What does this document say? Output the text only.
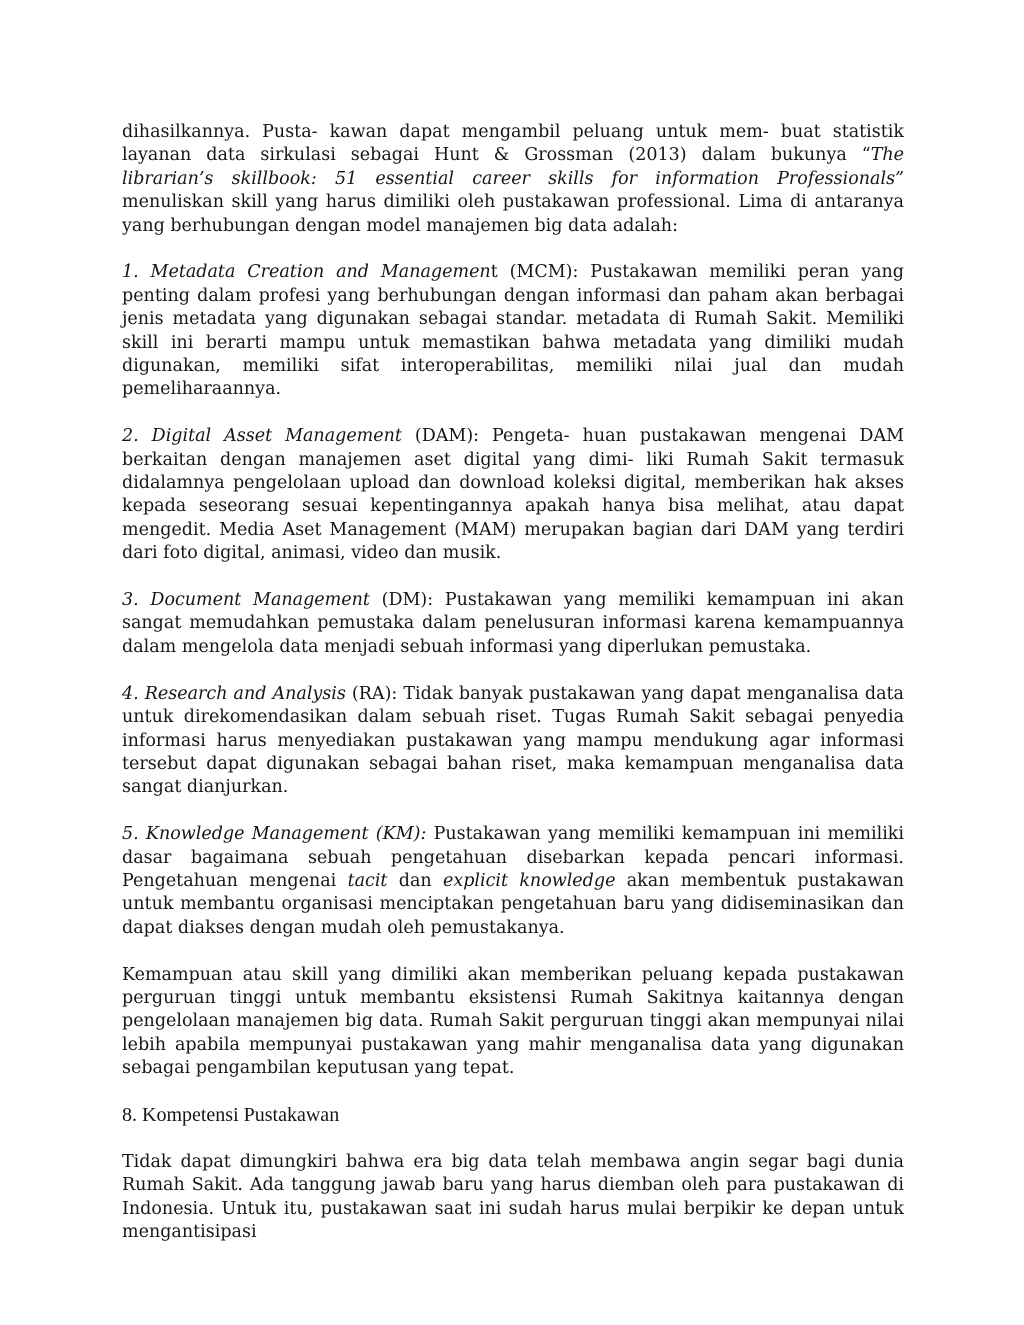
dihasilkannya. Pusta- kawan dapat mengambil peluang untuk mem- buat statistik layanan data sirkulasi sebagai Hunt & Grossman (2013) dalam bukunya “The librarian’s skillbook: 51 essential career skills for information Professionals” menuliskan skill yang harus dimiliki oleh pustakawan professional. Lima di antaranya yang berhubungan dengan model manajemen big data adalah:

1. Metadata Creation and Management (MCM): Pustakawan memiliki peran yang penting dalam profesi yang berhubungan dengan informasi dan paham akan berbagai jenis metadata yang digunakan sebagai standar. metadata di Rumah Sakit. Memiliki skill ini berarti mampu untuk memastikan bahwa metadata yang dimiliki mudah digunakan, memiliki sifat interoperabilitas, memiliki nilai jual dan mudah pemeliharaannya.

2. Digital Asset Management (DAM): Pengeta- huan pustakawan mengenai DAM berkaitan dengan manajemen aset digital yang dimi- liki Rumah Sakit termasuk didalamnya pengelolaan upload dan download koleksi digital, memberikan hak akses kepada seseorang sesuai kepentingannya apakah hanya bisa melihat, atau dapat mengedit. Media Aset Management (MAM) merupakan bagian dari DAM yang terdiri dari foto digital, animasi, video dan musik.

3. Document Management (DM): Pustakawan yang memiliki kemampuan ini akan sangat memudahkan pemustaka dalam penelusuran informasi karena kemampuannya dalam mengelola data menjadi sebuah informasi yang diperlukan pemustaka.

4. Research and Analysis (RA): Tidak banyak pustakawan yang dapat menganalisa data untuk direkomendasikan dalam sebuah riset. Tugas Rumah Sakit sebagai penyedia informasi harus menyediakan pustakawan yang mampu mendukung agar informasi tersebut dapat digunakan sebagai bahan riset, maka kemampuan menganalisa data sangat dianjurkan.

5. Knowledge Management (KM): Pustakawan yang memiliki kemampuan ini memiliki dasar bagaimana sebuah pengetahuan disebarkan kepada pencari informasi. Pengetahuan mengenai tacit dan explicit knowledge akan membentuk pustakawan untuk membantu organisasi menciptakan pengetahuan baru yang didiseminasikan dan dapat diakses dengan mudah oleh pemustakanya.

Kemampuan atau skill yang dimiliki akan memberikan peluang kepada pustakawan perguruan tinggi untuk membantu eksistensi Rumah Sakitnya kaitannya dengan pengelolaan manajemen big data. Rumah Sakit perguruan tinggi akan mempunyai nilai lebih apabila mempunyai pustakawan yang mahir menganalisa data yang digunakan sebagai pengambilan keputusan yang tepat.

8. Kompetensi Pustakawan

Tidak dapat dimungkiri bahwa era big data telah membawa angin segar bagi dunia Rumah Sakit. Ada tanggung jawab baru yang harus diemban oleh para pustakawan di Indonesia. Untuk itu, pustakawan saat ini sudah harus mulai berpikir ke depan untuk mengantisipasi
